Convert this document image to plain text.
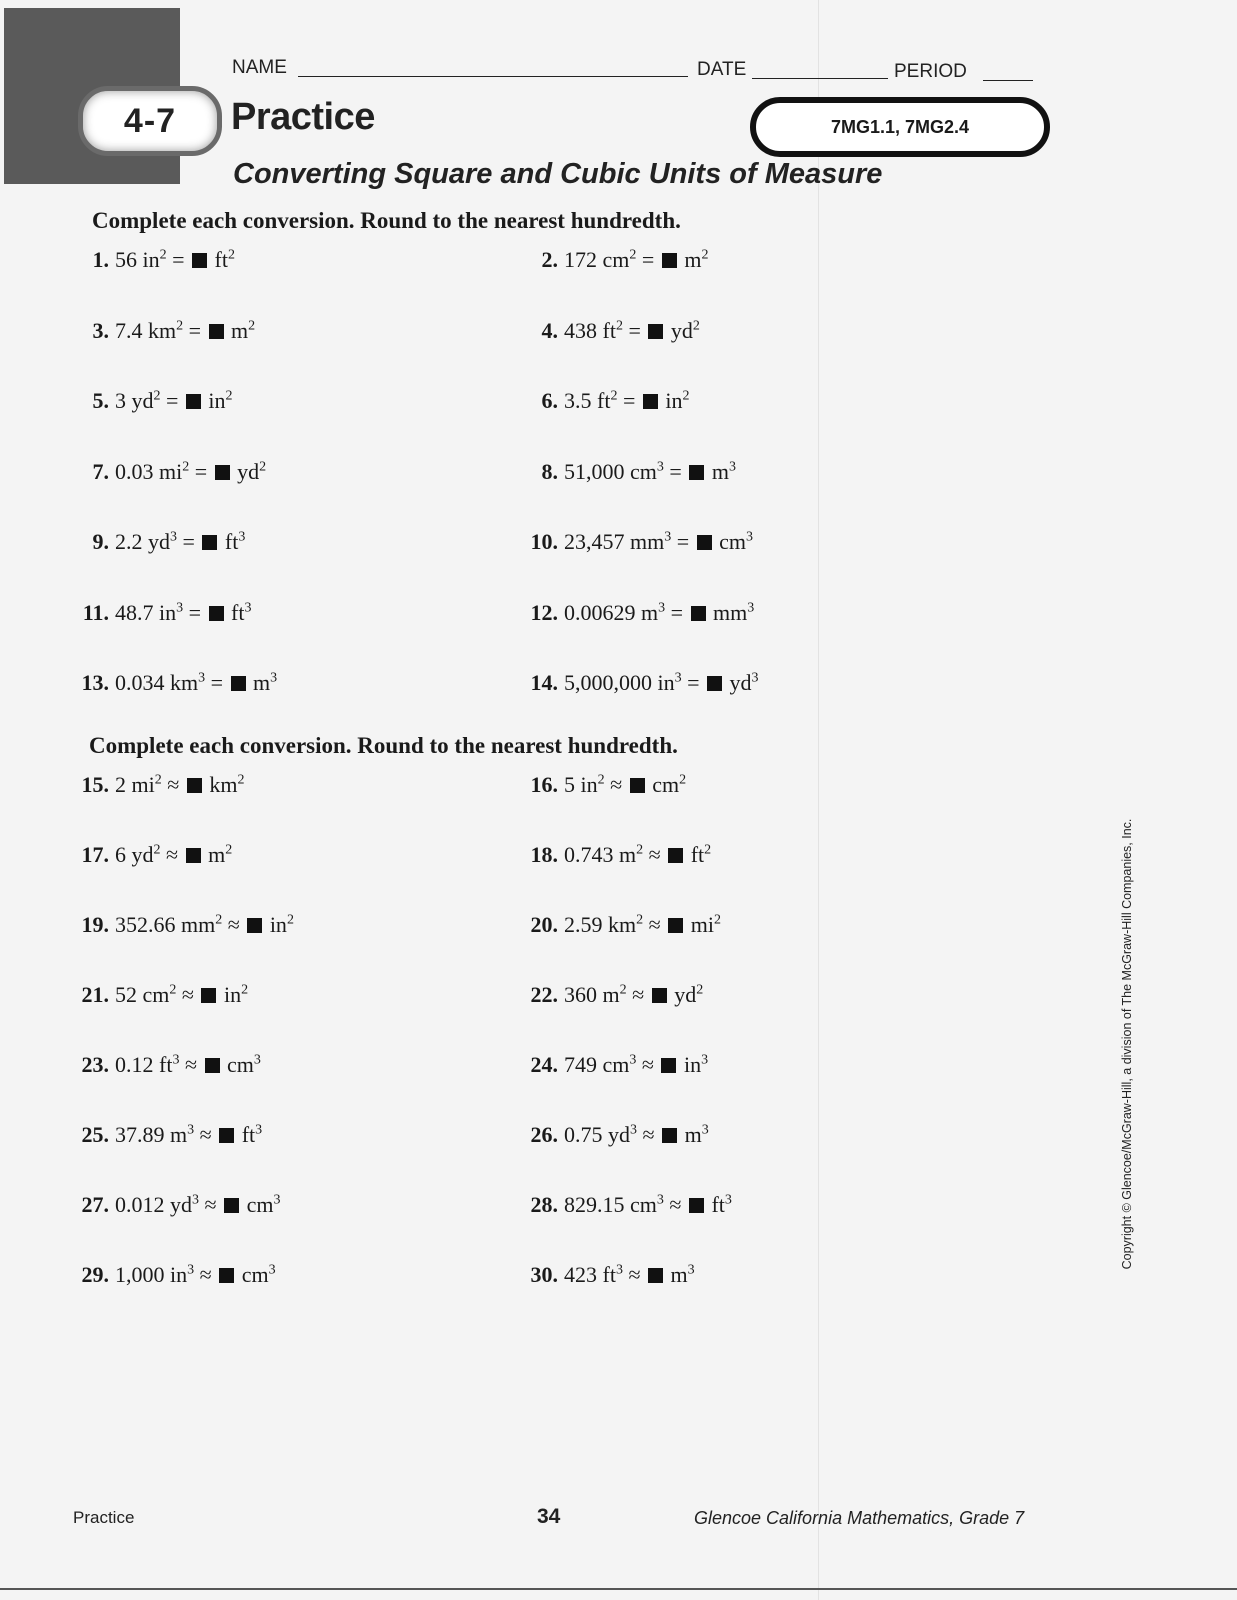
4-7
NAME	DATE	PERIOD
Practice	7MG1.1, 7MG2.4
Converting Square and Cubic Units of Measure
Complete each conversion. Round to the nearest hundredth.
Complete each conversion. Round to the nearest hundredth.
1. 56 $in^2 = ft^2$	2. 172 $cm^2 = m^2$
3. 7.4 $km^2 = m^2$	4. 438 $ft^2 = yd^2$
5. 3 $yd^2 = in^2$	6. 3.5 $ft^2 = in^2$
7. 0.03 $mi^2 = yd^2$	8. 51,000 $cm^3 = m^3$
9. 2.2 $yd^3 = ft^3$	10. 23,457 $mm^3 = cm^3$
11. 48.7 $in^3 = ft^3$	12. 0.00629 $m^3 = mm^3$
13. 0.034 $km^3 = m^3$	14. 5,000,000 $in^3 = yd^3$
15. 2 $mi^2 \approx km^2$	16. 5 $in^2 \approx cm^2$
17. 6 $yd^2 \approx m^2$	18. 0.743 $m^2 \approx ft^2$
19. 352.66 $mm^2 \approx in^2$	20. 2.59 $km^2 \approx mi^2$
21. 52 $cm^2 \approx in^2$	22. 360 $m^2 \approx yd^2$
23. 0.12 $ft^3 \approx cm^3$	24. 749 $cm^3 \approx in^3$
25. 37.89 $m^3 \approx ft^3$	26. 0.75 $yd^3 \approx m^3$
27. 0.012 $yd^3 \approx cm^3$	28. 829.15 $cm^3 \approx ft^3$
29. 1,000 $in^3 \approx cm^3$	30. 423 $ft^3 \approx m^3$
Copyright © Glencoe/McGraw-Hill, a division of The McGraw-Hill Companies, Inc.
Practice	34	Glencoe California Mathematics, Grade 7
